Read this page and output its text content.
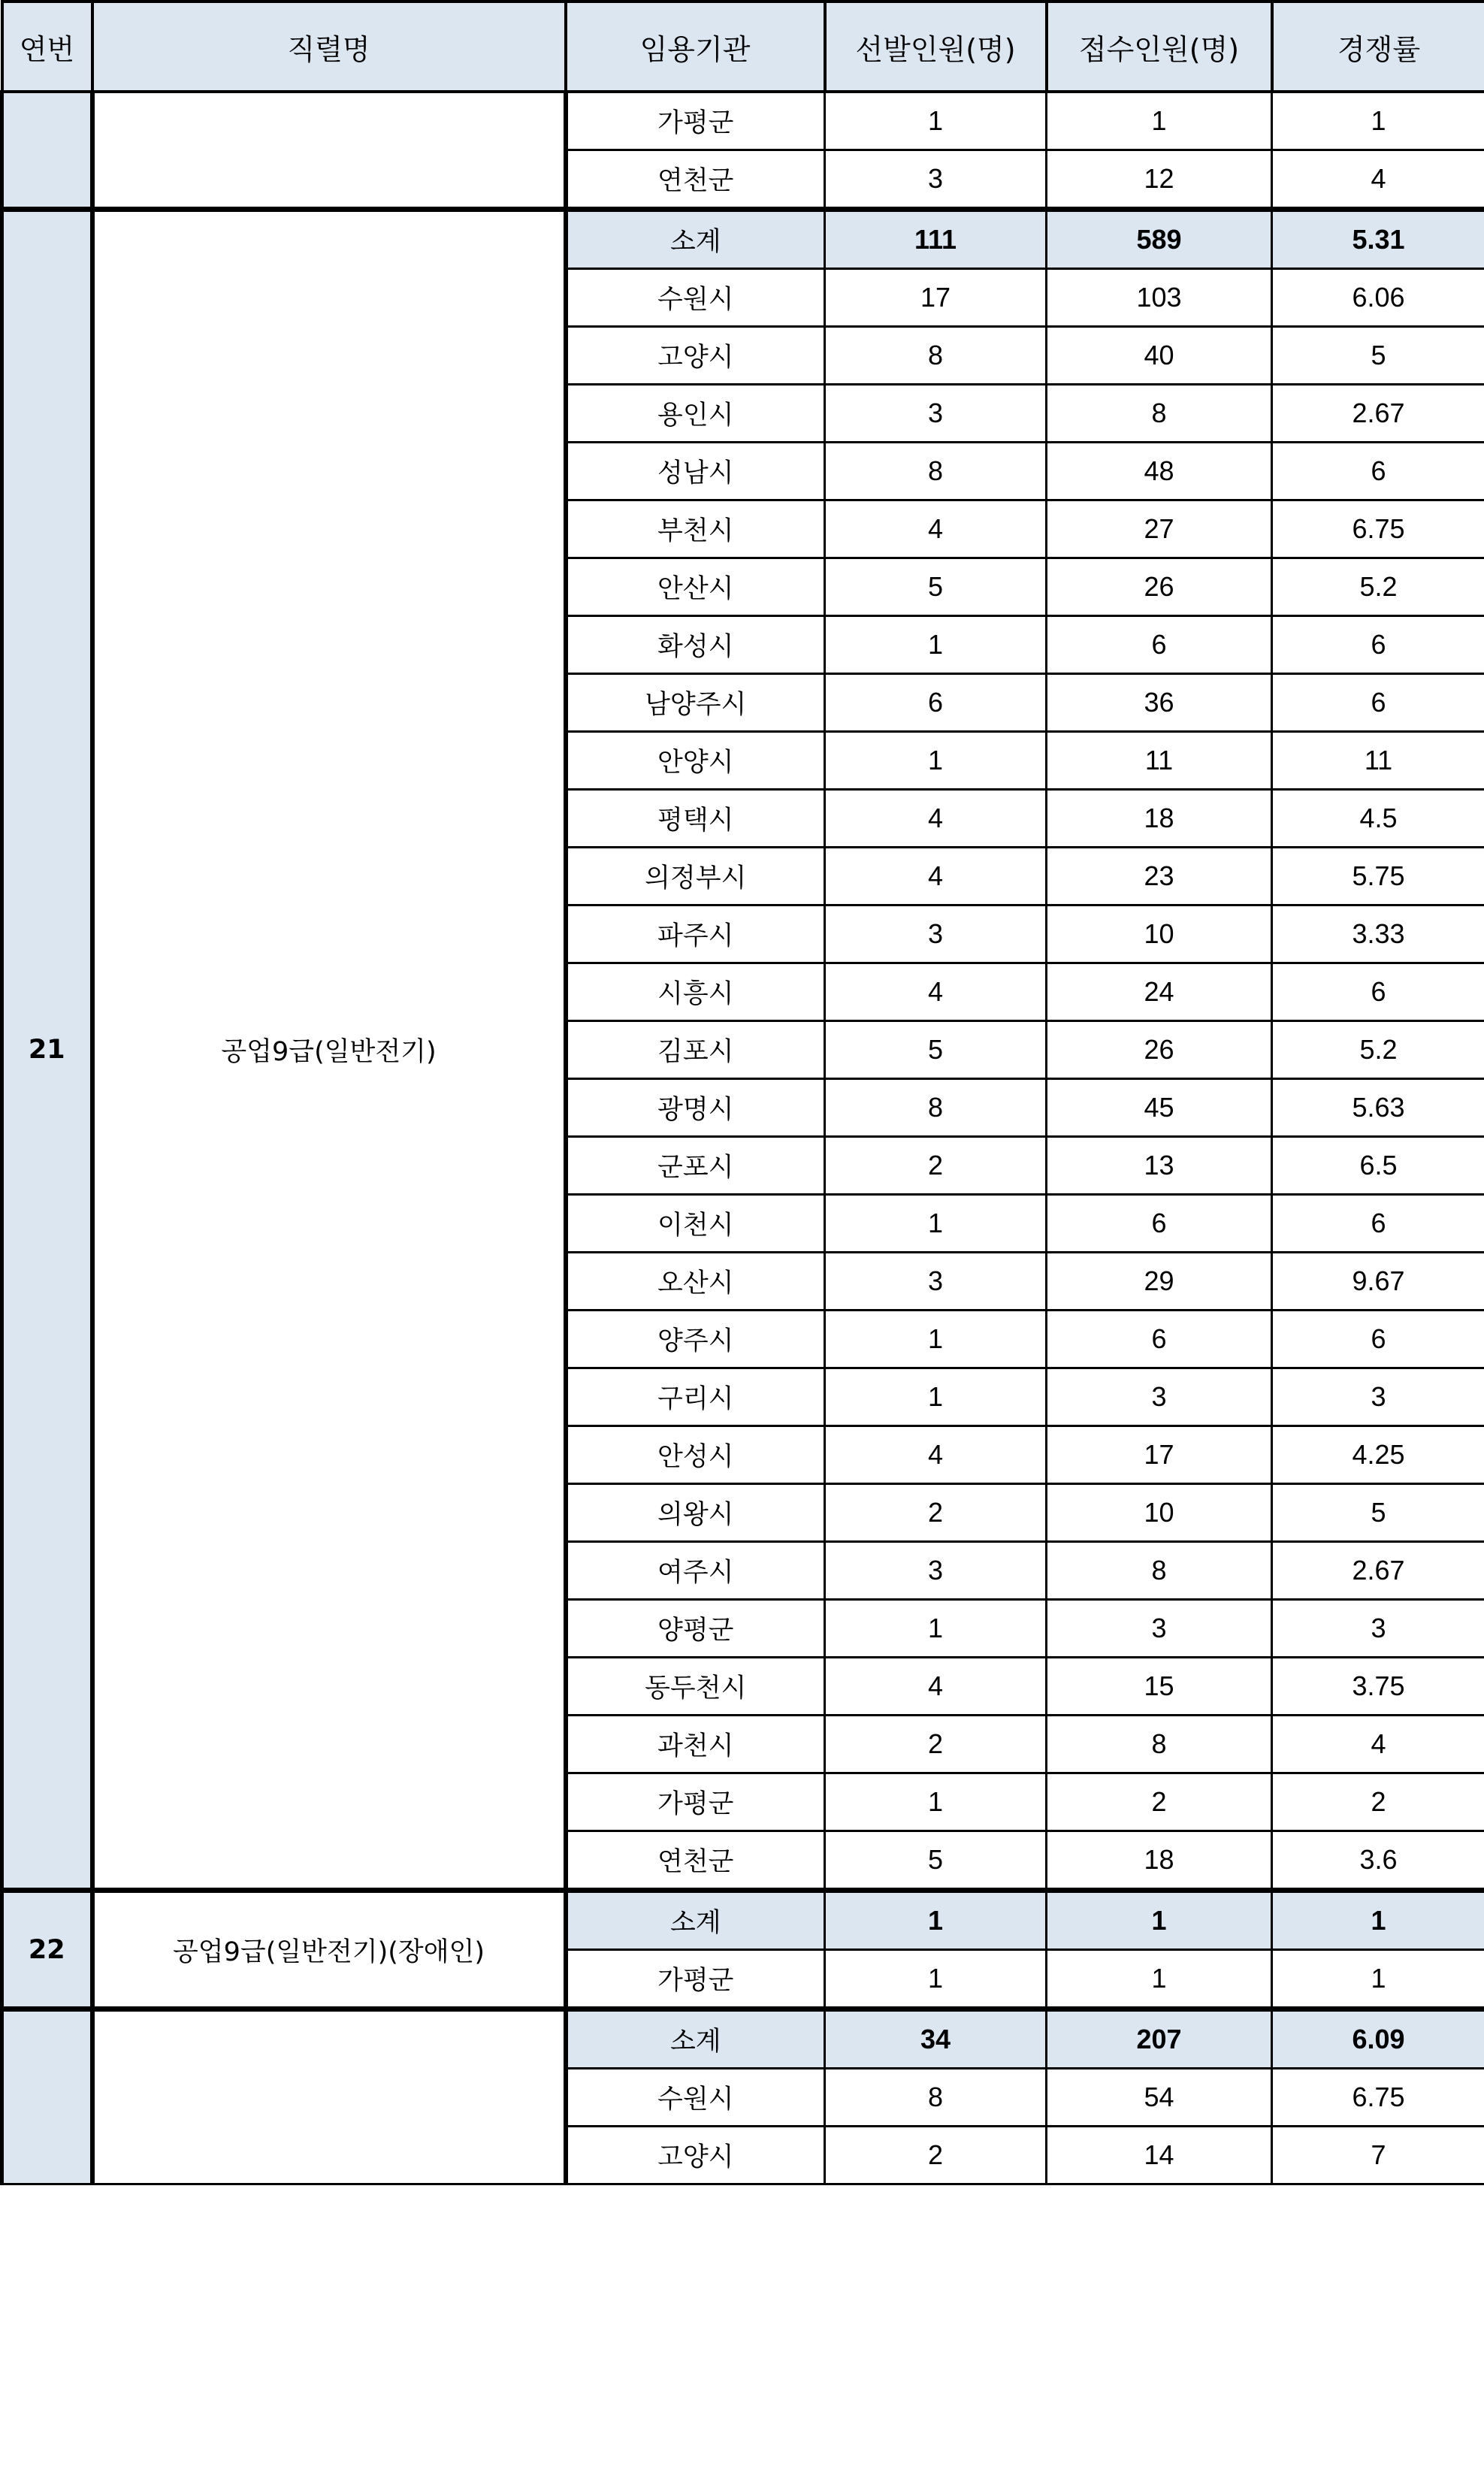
연번	직렬명	임용기관	선발인원(명)	접수인원(명)	경쟁률
		가평군	1	1	1
		연천군	3	12	4
21	공업9급(일반전기)	소계	111	589	5.31
		수원시	17	103	6.06
		고양시	8	40	5
		용인시	3	8	2.67
		성남시	8	48	6
		부천시	4	27	6.75
		안산시	5	26	5.2
		화성시	1	6	6
		남양주시	6	36	6
		안양시	1	11	11
		평택시	4	18	4.5
		의정부시	4	23	5.75
		파주시	3	10	3.33
		시흥시	4	24	6
		김포시	5	26	5.2
		광명시	8	45	5.63
		군포시	2	13	6.5
		이천시	1	6	6
		오산시	3	29	9.67
		양주시	1	6	6
		구리시	1	3	3
		안성시	4	17	4.25
		의왕시	2	10	5
		여주시	3	8	2.67
		양평군	1	3	3
		동두천시	4	15	3.75
		과천시	2	8	4
		가평군	1	2	2
		연천군	5	18	3.6
22	공업9급(일반전기)(장애인)	소계	1	1	1
		가평군	1	1	1
		소계	34	207	6.09
		수원시	8	54	6.75
		고양시	2	14	7
